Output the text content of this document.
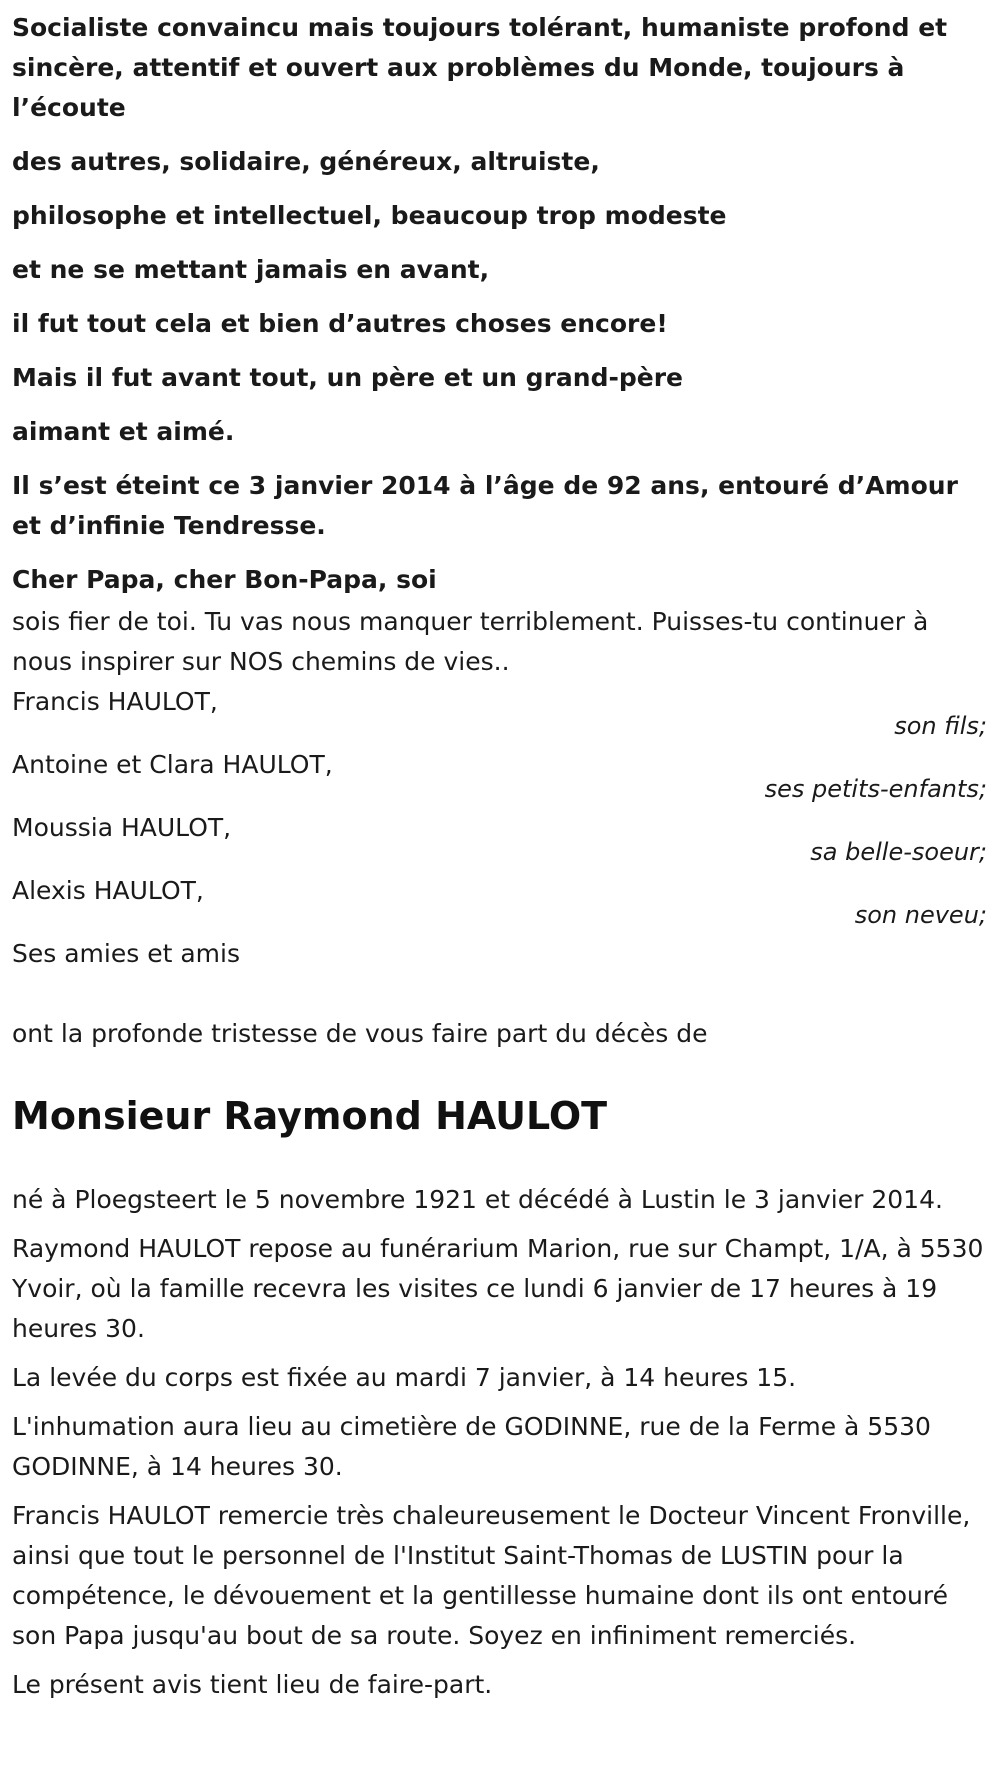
Socialiste convaincu mais toujours tolérant, humaniste profond et sincère, attentif et ouvert aux problèmes du Monde, toujours à l’écoute

des autres, solidaire, généreux, altruiste,

philosophe et intellectuel, beaucoup trop modeste

et ne se mettant jamais en avant,

il fut tout cela et bien d’autres choses encore!

Mais il fut avant tout, un père et un grand-père

aimant et aimé.

Il s’est éteint ce 3 janvier 2014 à l’âge de 92 ans, entouré d’Amour et d’infinie Tendresse.

Cher Papa, cher Bon-Papa, soi

sois fier de toi. Tu vas nous manquer terriblement. Puisses-tu continuer à nous inspirer sur NOS chemins de vies..

Francis HAULOT,
son fils;
Antoine et Clara HAULOT,
ses petits-enfants;
Moussia HAULOT,
sa belle-soeur;
Alexis HAULOT,
son neveu;
Ses amies et amis
ont la profonde tristesse de vous faire part du décès de
Monsieur Raymond HAULOT

né à Ploegsteert le 5 novembre 1921 et décédé à Lustin le 3 janvier 2014.

Raymond HAULOT repose au funérarium Marion, rue sur Champt, 1/A, à 5530 Yvoir, où la famille recevra les visites ce lundi 6 janvier de 17 heures à 19 heures 30.

La levée du corps est fixée au mardi 7 janvier, à 14 heures 15.

L'inhumation aura lieu au cimetière de GODINNE, rue de la Ferme à 5530 GODINNE, à 14 heures 30.

Francis HAULOT remercie très chaleureusement le Docteur Vincent Fronville, ainsi que tout le personnel de l'Institut Saint-Thomas de LUSTIN pour la compétence, le dévouement et la gentillesse humaine dont ils ont entouré son Papa jusqu'au bout de sa route. Soyez en infiniment remerciés.

Le présent avis tient lieu de faire-part.
